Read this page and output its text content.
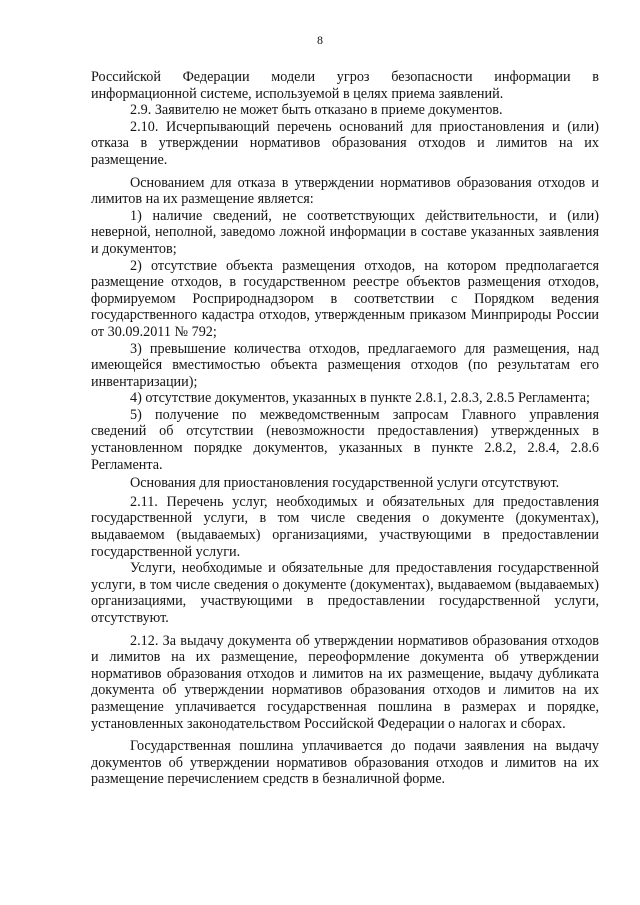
8

Российской Федерации модели угроз безопасности информации в информационной системе, используемой в целях приема заявлений.

2.9. Заявителю не может быть отказано в приеме документов.

2.10. Исчерпывающий перечень оснований для приостановления и (или) отказа в утверждении нормативов образования отходов и лимитов на их размещение.

Основанием для отказа в утверждении нормативов образования отходов и лимитов на их размещение является:

1) наличие сведений, не соответствующих действительности, и (или) неверной, неполной, заведомо ложной информации в составе указанных заявления и документов;

2) отсутствие объекта размещения отходов, на котором предполагается размещение отходов, в государственном реестре объектов размещения отходов, формируемом Росприроднадзором в соответствии с Порядком ведения государственного кадастра отходов, утвержденным приказом Минприроды России от 30.09.2011 № 792;

3) превышение количества отходов, предлагаемого для размещения, над имеющейся вместимостью объекта размещения отходов (по результатам его инвентаризации);

4) отсутствие документов, указанных в пункте 2.8.1, 2.8.3, 2.8.5 Регламента;

5) получение по межведомственным запросам Главного управления сведений об отсутствии (невозможности предоставления) утвержденных в установленном порядке документов, указанных в пункте 2.8.2, 2.8.4, 2.8.6 Регламента.

Основания для приостановления государственной услуги отсутствуют.

2.11. Перечень услуг, необходимых и обязательных для предоставления государственной услуги, в том числе сведения о документе (документах), выдаваемом (выдаваемых) организациями, участвующими в предоставлении государственной услуги.

Услуги, необходимые и обязательные для предоставления государственной услуги, в том числе сведения о документе (документах), выдаваемом (выдаваемых) организациями, участвующими в предоставлении государственной услуги, отсутствуют.

2.12. За выдачу документа об утверждении нормативов образования отходов и лимитов на их размещение, переоформление документа об утверждении нормативов образования отходов и лимитов на их размещение, выдачу дубликата документа об утверждении нормативов образования отходов и лимитов на их размещение уплачивается государственная пошлина в размерах и порядке, установленных законодательством Российской Федерации о налогах и сборах.

Государственная пошлина уплачивается до подачи заявления на выдачу документов об утверждении нормативов образования отходов и лимитов на их размещение перечислением средств в безналичной форме.
